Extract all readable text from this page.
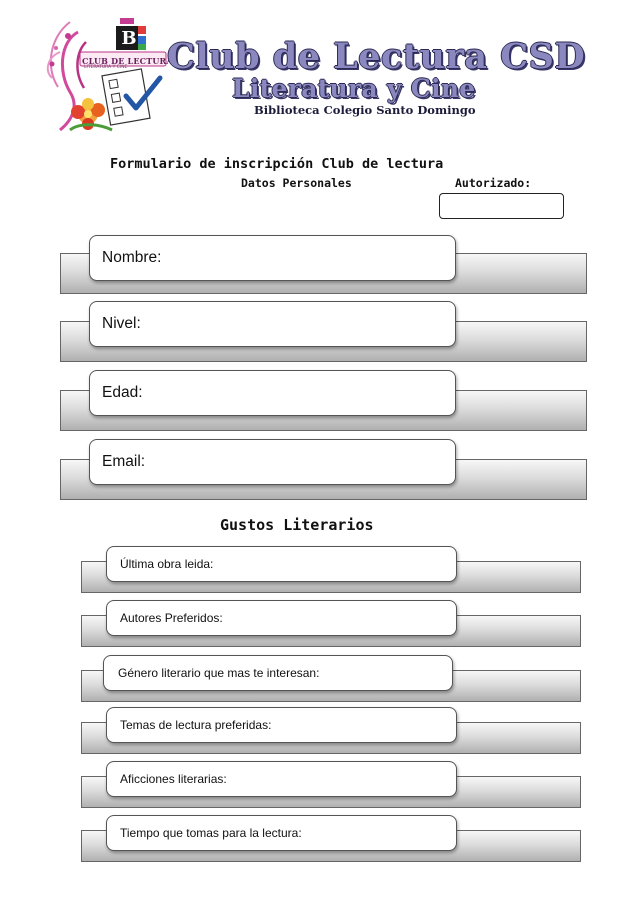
B
CLUB DE LECTURA
LITERATURA Y CINE Club de Lectura CSD
Literatura y Cine
Biblioteca Colegio Santo Domingo
Formulario de inscripción Club de lectura
Datos Personales	Autorizado:
Nombre:
Nivel:
Edad:
Email:
Gustos Literarios
Última obra leida:
Autores Preferidos:
Género literario que mas te interesan:
Temas de lectura preferidas:
Aficciones literarias:
Tiempo que tomas para la lectura:
